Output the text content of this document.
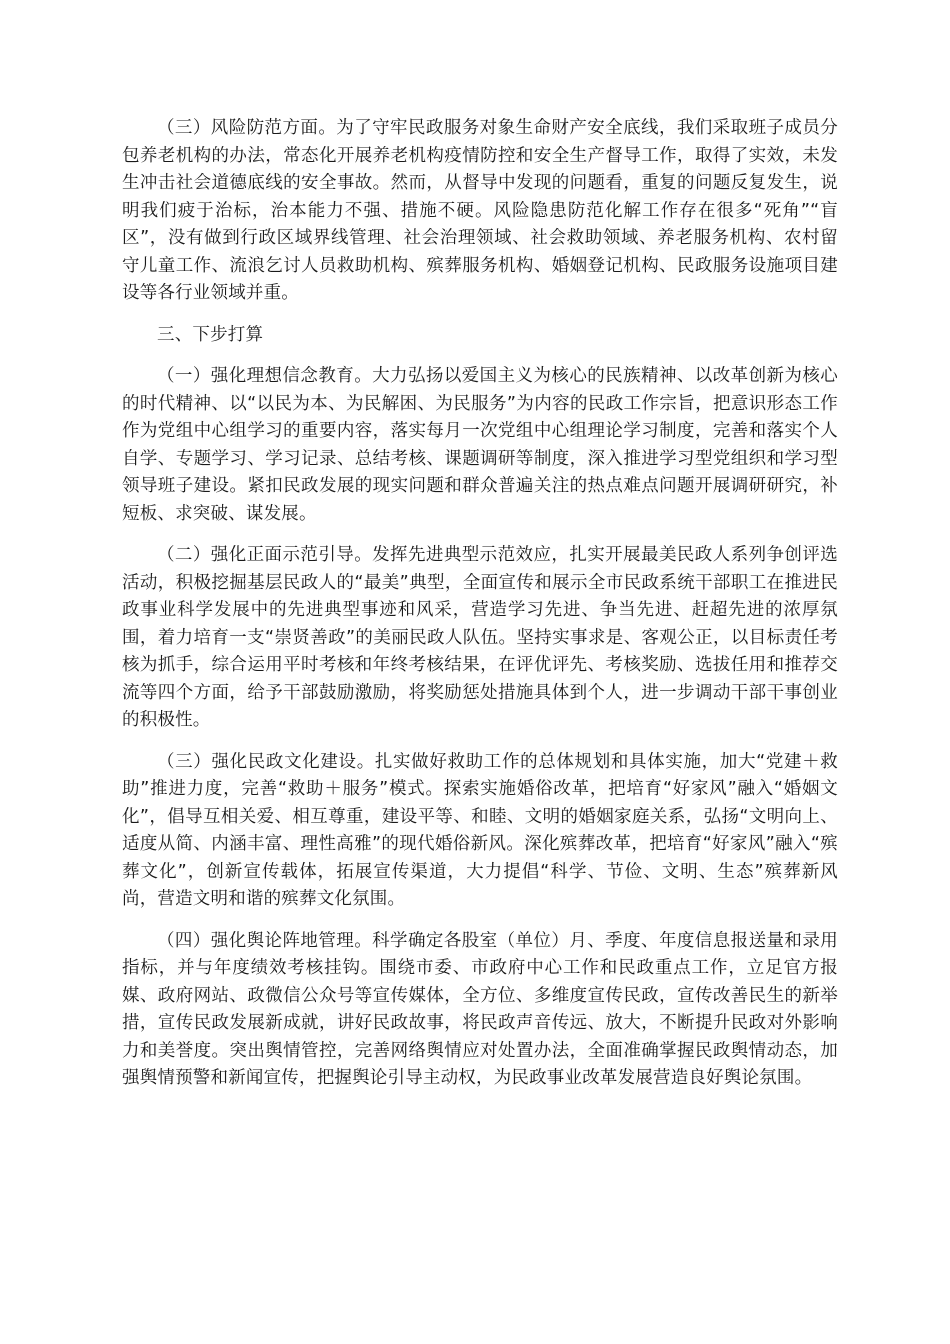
（三）风险防范方面。为了守牢民政服务对象生命财产安全底线，我们采取班子成员分包养老机构的办法，常态化开展养老机构疫情防控和安全生产督导工作，取得了实效，未发生冲击社会道德底线的安全事故。然而，从督导中发现的问题看，重复的问题反复发生，说明我们疲于治标，治本能力不强、措施不硬。风险隐患防范化解工作存在很多“死角”“盲区”，没有做到行政区域界线管理、社会治理领域、社会救助领域、养老服务机构、农村留守儿童工作、流浪乞讨人员救助机构、殡葬服务机构、婚姻登记机构、民政服务设施项目建设等各行业领域并重。

三、下步打算

（一）强化理想信念教育。大力弘扬以爱国主义为核心的民族精神、以改革创新为核心的时代精神、以“以民为本、为民解困、为民服务”为内容的民政工作宗旨，把意识形态工作作为党组中心组学习的重要内容，落实每月一次党组中心组理论学习制度，完善和落实个人自学、专题学习、学习记录、总结考核、课题调研等制度，深入推进学习型党组织和学习型领导班子建设。紧扣民政发展的现实问题和群众普遍关注的热点难点问题开展调研研究，补短板、求突破、谋发展。

（二）强化正面示范引导。发挥先进典型示范效应，扎实开展最美民政人系列争创评选活动，积极挖掘基层民政人的“最美”典型，全面宣传和展示全市民政系统干部职工在推进民政事业科学发展中的先进典型事迹和风采，营造学习先进、争当先进、赶超先进的浓厚氛围，着力培育一支“崇贤善政”的美丽民政人队伍。坚持实事求是、客观公正，以目标责任考核为抓手，综合运用平时考核和年终考核结果，在评优评先、考核奖励、选拔任用和推荐交流等四个方面，给予干部鼓励激励，将奖励惩处措施具体到个人，进一步调动干部干事创业的积极性。

（三）强化民政文化建设。扎实做好救助工作的总体规划和具体实施，加大“党建＋救助”推进力度，完善“救助＋服务”模式。探索实施婚俗改革，把培育“好家风”融入“婚姻文化”，倡导互相关爱、相互尊重，建设平等、和睦、文明的婚姻家庭关系，弘扬“文明向上、适度从简、内涵丰富、理性高雅”的现代婚俗新风。深化殡葬改革，把培育“好家风”融入“殡葬文化”，创新宣传载体，拓展宣传渠道，大力提倡“科学、节俭、文明、生态”殡葬新风尚，营造文明和谐的殡葬文化氛围。

（四）强化舆论阵地管理。科学确定各股室（单位）月、季度、年度信息报送量和录用指标，并与年度绩效考核挂钩。围绕市委、市政府中心工作和民政重点工作，立足官方报媒、政府网站、政微信公众号等宣传媒体，全方位、多维度宣传民政，宣传改善民生的新举措，宣传民政发展新成就，讲好民政故事，将民政声音传远、放大，不断提升民政对外影响力和美誉度。突出舆情管控，完善网络舆情应对处置办法，全面准确掌握民政舆情动态，加强舆情预警和新闻宣传，把握舆论引导主动权，为民政事业改革发展营造良好舆论氛围。
